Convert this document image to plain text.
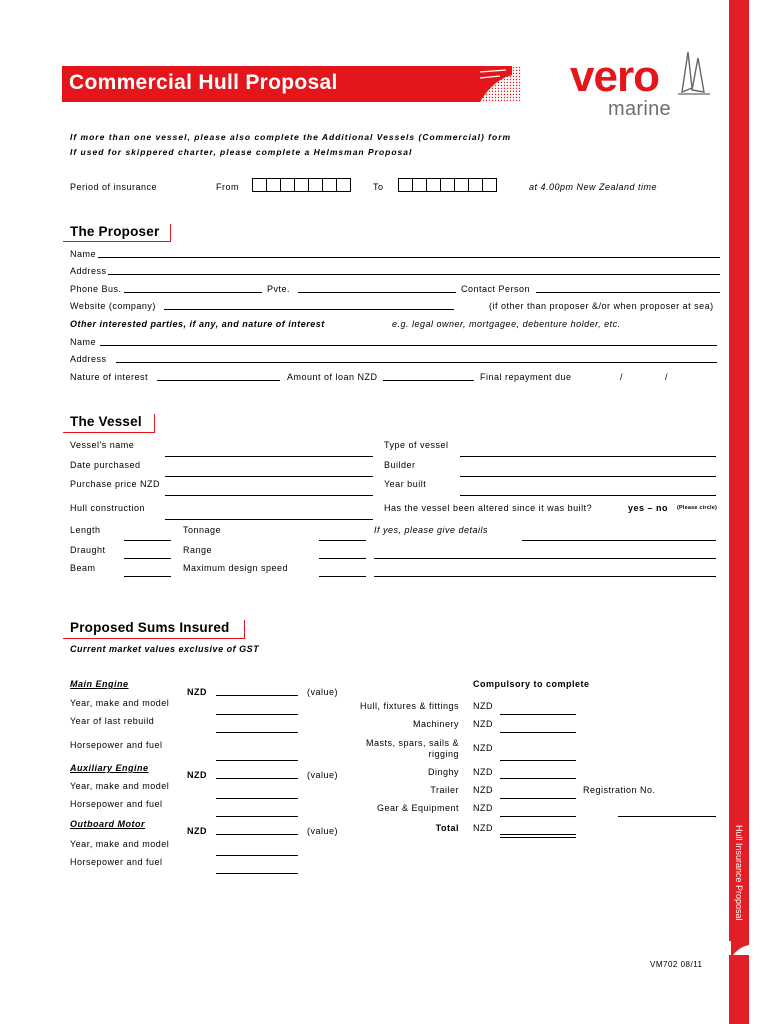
Commercial Hull Proposal	vero
marine
Hull Insurance Proposal
If more than one vessel, please also complete the Additional Vessels (Commercial) form
If used for skippered charter, please complete a Helmsman Proposal
Period of insurance	From	To	at 4.00pm New Zealand time
The Proposer
Name
Address
Phone Bus.	Pvte.	Contact Person
Website (company)	(if other than proposer &/or when proposer at sea)
Other interested parties, if any, and nature of interest	e.g. legal owner, mortgagee, debenture holder, etc.
Name
Address
Nature of interest	Amount of loan NZD	Final repayment due	/	/
The Vessel
Vessel's name	Type of vessel
Date purchased	Builder
Purchase price NZD	Year built
Hull construction	Has the vessel been altered since it was built?	yes – no (Please circle)
Length	Tonnage	If yes, please give details
Draught	Range
Beam	Maximum design speed
Proposed Sums Insured
Current market values exclusive of GST
Main Engine
NZD	(value)
Year, make and model
Year of last rebuild
Horsepower and fuel
Auxiliary Engine
NZD	(value)
Year, make and model
Horsepower and fuel
Outboard Motor
NZD	(value)
Year, make and model
Horsepower and fuel
Compulsory to complete
Hull, fixtures & fittings NZD
Machinery NZD
Masts, spars, sails &
rigging
NZD
Dinghy NZD
Trailer NZD	Registration No.
Gear & Equipment NZD
Total NZD
VM702 08/11
